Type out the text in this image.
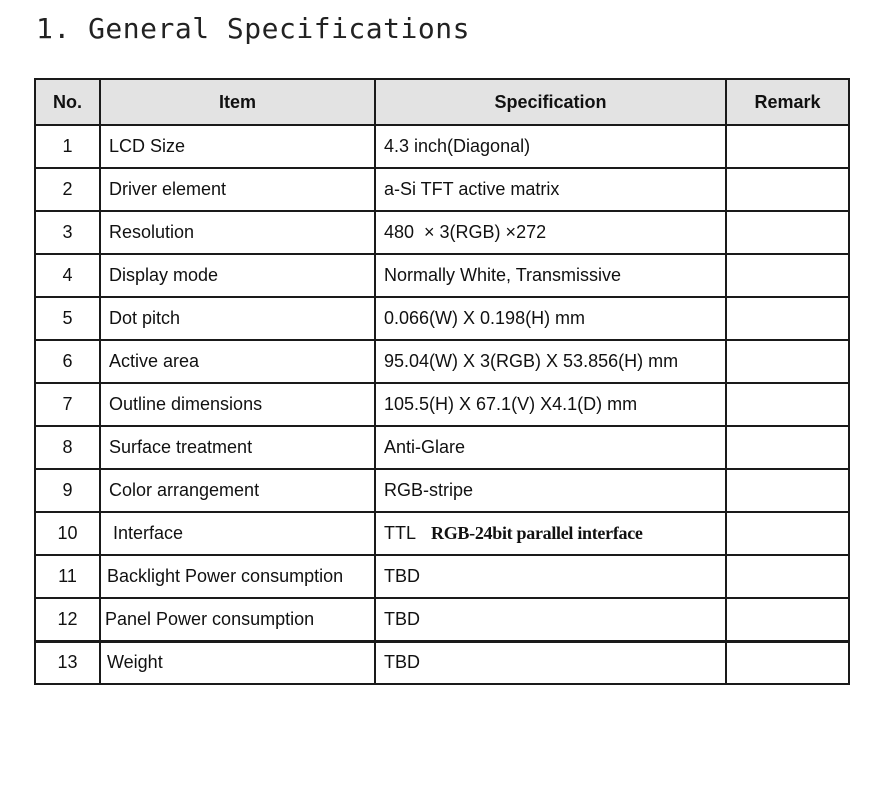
1. General Specifications
No.	Item	Specification	Remark
1	LCD Size	4.3 inch(Diagonal)	
2	Driver element	a-Si TFT active matrix	
3	Resolution	480  × 3(RGB) ×272	
4	Display mode	Normally White, Transmissive	
5	Dot pitch	0.066(W) X 0.198(H) mm	
6	Active area	95.04(W) X 3(RGB) X 53.856(H) mm	
7	Outline dimensions	105.5(H) X 67.1(V) X4.1(D) mm	
8	Surface treatment	Anti-Glare	
9	Color arrangement	RGB-stripe	
10	Interface	TTL RGB-24bit parallel interface	
11	Backlight Power consumption	TBD	
12	Panel Power consumption	TBD	
13	Weight	TBD	
